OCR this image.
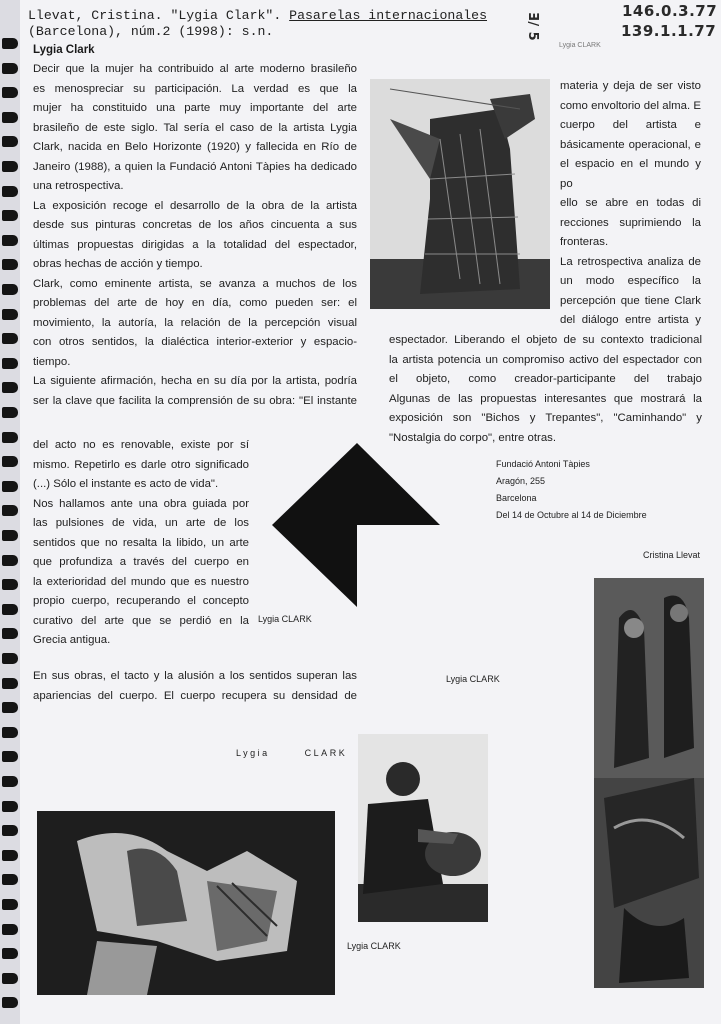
Llevat, Cristina. "Lygia Clark". Pasarelas internacionales
(Barcelona), núm.2 (1998): s.n.	Ǝ/ 5
146.0.3.77
139.1.1.77
Lygia Clark

Decir que la mujer ha contribuido al arte moderno brasileño

es menospreciar su participación. La verdad es que la

mujer ha constituido una parte muy importante del arte

brasileño de este siglo. Tal sería el caso de la artista Lygia

Clark, nacida en Belo Horizonte (1920) y fallecida en Río de

Janeiro (1988), a quien la Fundació Antoni Tàpies ha dedicado

una retrospectiva.

La exposición recoge el desarrollo de la obra de la artista

desde sus pinturas concretas de los años cincuenta a sus

últimas propuestas dirigidas a la totalidad del espectador,

obras hechas de acción y tiempo.

Clark, como eminente artista, se avanza a muchos de los

problemas del arte de hoy en día, como pueden ser: el

movimiento, la autoría, la relación de la percepción visual

con otros sentidos, la dialéctica interior-exterior y espacio-

tiempo.

La siguiente afirmación, hecha en su día por la artista, podría

ser la clave que facilita la comprensión de su obra: "El instante

del acto no es renovable, existe por sí

mismo. Repetirlo es darle otro significado

(...) Sólo el instante es acto de vida".

Nos hallamos ante una obra guiada por

las pulsiones de vida, un arte de los

sentidos que no resalta la libido, un arte

que profundiza a través del cuerpo en

la exterioridad del mundo que es nuestro

propio cuerpo, recuperando el concepto

curativo del arte que se perdió en la

Grecia antigua.

En sus obras, el tacto y la alusión a los sentidos superan las

apariencias del cuerpo. El cuerpo recupera su densidad de

materia y deja de ser visto

como envoltorio del alma. E

cuerpo del artista e

básicamente operacional, e

el espacio en el mundo y po

ello se abre en todas di

recciones suprimiendo la

fronteras.

La retrospectiva analiza de

un modo específico la

percepción que tiene Clark

del diálogo entre artista y

espectador. Liberando el objeto de su contexto tradicional

la artista potencia un compromiso activo del espectador con

el objeto, como creador-participante del trabajo

Algunas de las propuestas interesantes que mostrará la

exposición son "Bichos y Trepantes", "Caminhando" y

"Nostalgia do corpo", entre otras.

Fundació Antoni Tàpies
Aragón, 255
Barcelona
Del 14 de Octubre al 14 de Diciembre
Cristina Llevat
Lygia CLARK
Lygia CLARK
Lygia CLARK
Lygia CLARK
Lygia CLARK
